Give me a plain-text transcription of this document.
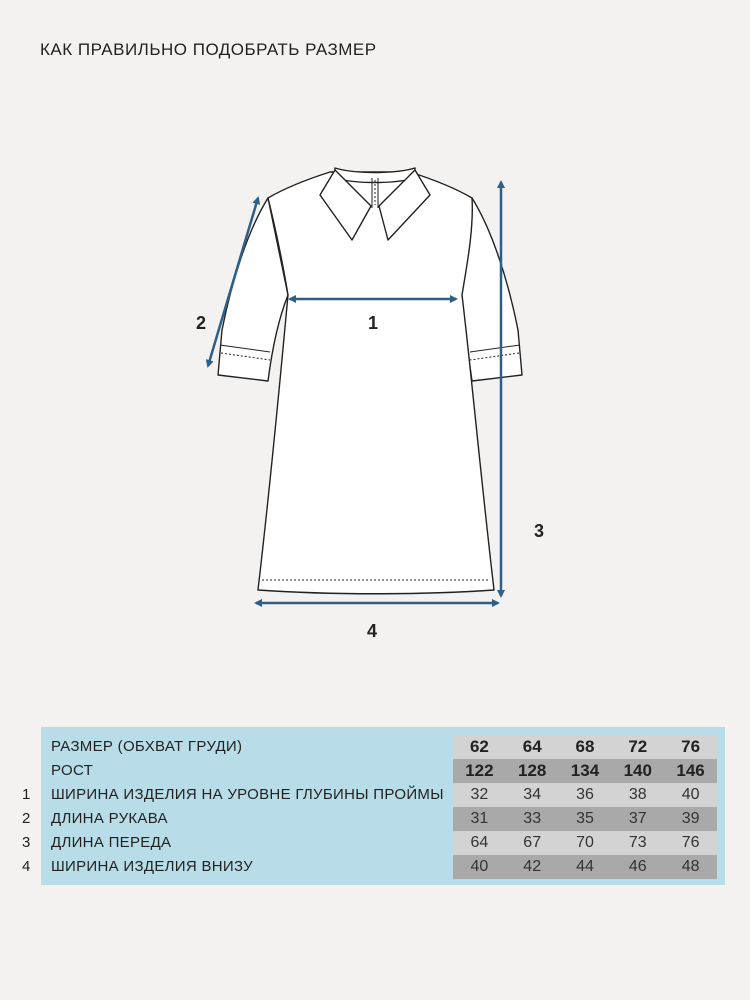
КАК ПРАВИЛЬНО ПОДОБРАТЬ РАЗМЕР
1
2
3
4
РАЗМЕР (ОБХВАТ ГРУДИ)	62	64	68	72	76
РОСТ	122	128	134	140	146
ШИРИНА ИЗДЕЛИЯ НА УРОВНЕ ГЛУБИНЫ ПРОЙМЫ	32	34	36	38	40
ДЛИНА РУКАВА	31	33	35	37	39
ДЛИНА ПЕРЕДА	64	67	70	73	76
ШИРИНА ИЗДЕЛИЯ ВНИЗУ	40	42	44	46	48
1
2
3
4
